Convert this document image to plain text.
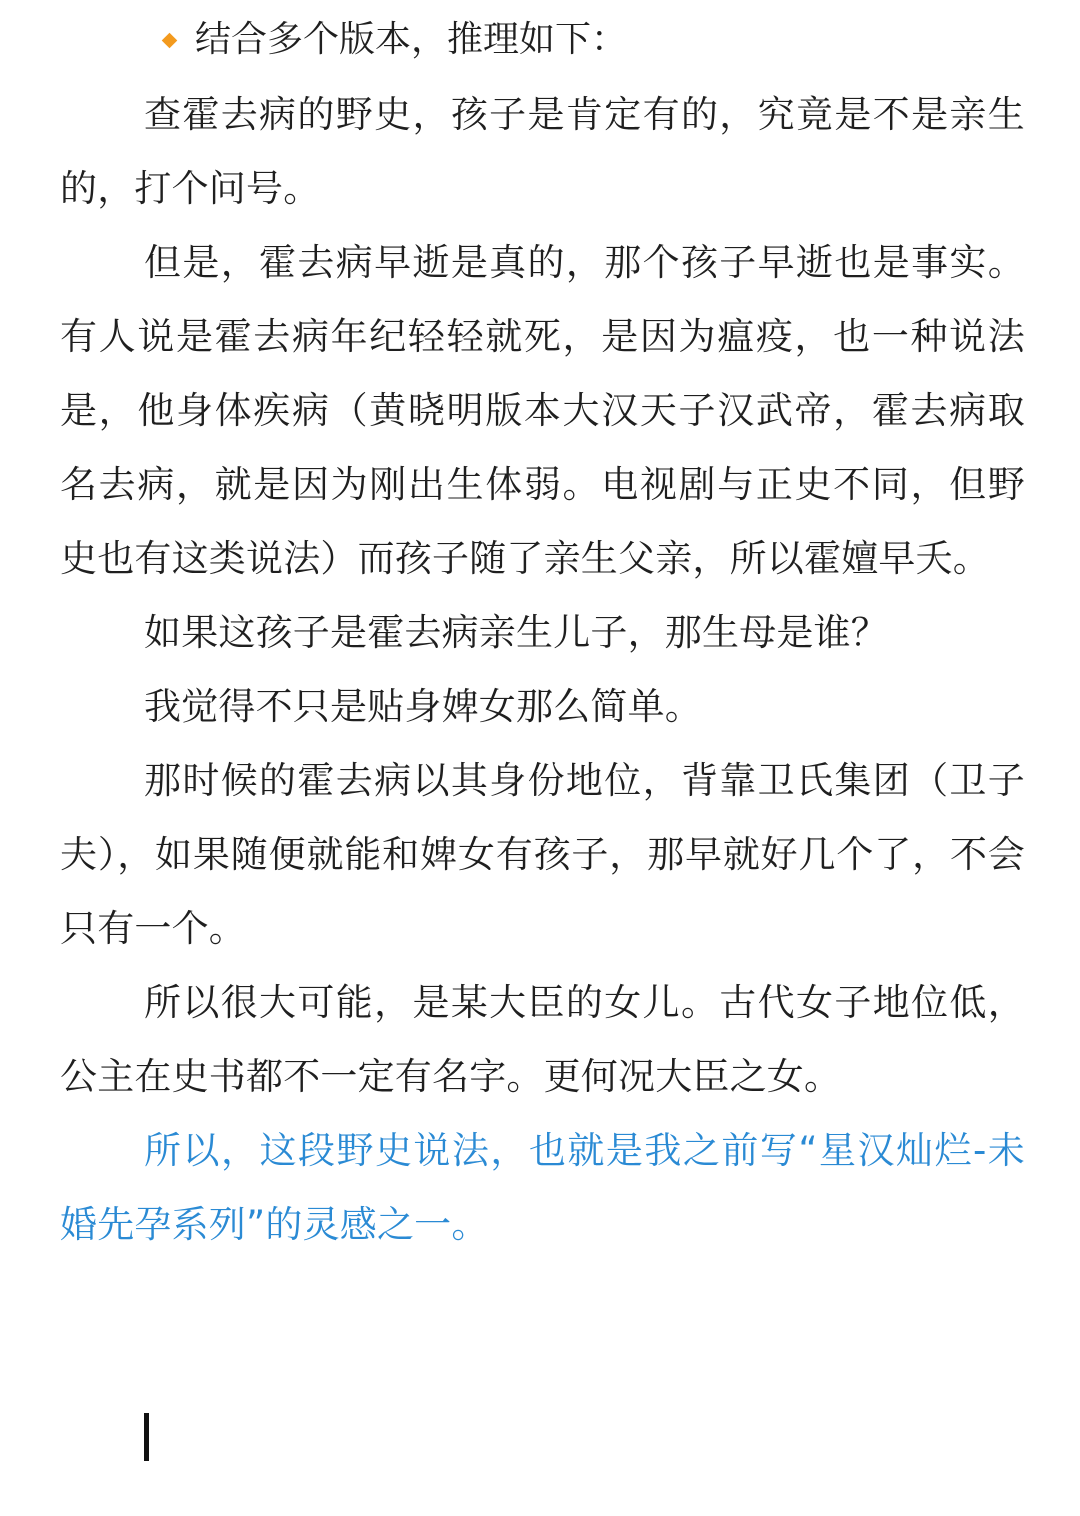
结合多个版本，推理如下：

查霍去病的野史，孩子是肯定有的，究竟是不是亲生的，打个问号。

但是，霍去病早逝是真的，那个孩子早逝也是事实。有人说是霍去病年纪轻轻就死，是因为瘟疫，也一种说法是，他身体疾病（黄晓明版本大汉天子汉武帝，霍去病取名去病，就是因为刚出生体弱。电视剧与正史不同，但野史也有这类说法）而孩子随了亲生父亲，所以霍嬗早夭。

如果这孩子是霍去病亲生儿子，那生母是谁？

我觉得不只是贴身婢女那么简单。

那时候的霍去病以其身份地位，背靠卫氏集团（卫子夫），如果随便就能和婢女有孩子，那早就好几个了，不会只有一个。

所以很大可能，是某大臣的女儿。古代女子地位低，公主在史书都不一定有名字。更何况大臣之女。

所以，这段野史说法，也就是我之前写“星汉灿烂-未婚先孕系列”的灵感之一。
